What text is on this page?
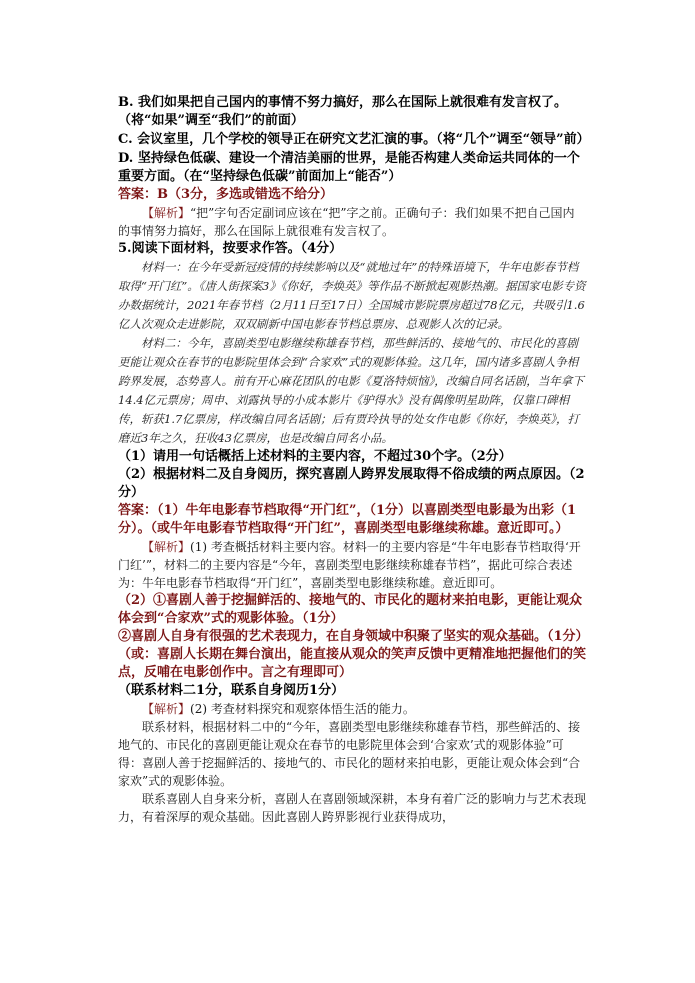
B. 我们如果把自己国内的事情不努力搞好，那么在国际上就很难有发言权了。（将“如果”调至“我们”的前面）

C. 会议室里，几个学校的领导正在研究文艺汇演的事。（将“几个”调至“领导”前）

D. 坚持绿色低碳、建设一个清洁美丽的世界，是能否构建人类命运共同体的一个重要方面。（在“坚持绿色低碳”前面加上“能否”）

答案：B（3分，多选或错选不给分）

【解析】“把”字句否定副词应该在“把”字之前。正确句子：我们如果不把自己国内的事情努力搞好，那么在国际上就很难有发言权了。

5.阅读下面材料，按要求作答。（4分）

材料一：在今年受新冠疫情的持续影响以及“就地过年”的特殊语境下，牛年电影春节档取得“开门红”。《唐人街探案3》《你好，李焕英》等作品不断掀起观影热潮。据国家电影专资办数据统计，2021年春节档（2月11日至17日）全国城市影院票房超过78亿元，共吸引1.6亿人次观众走进影院，双双刷新中国电影春节档总票房、总观影人次的记录。

材料二：今年，喜剧类型电影继续称雄春节档，那些鲜活的、接地气的、市民化的喜剧更能让观众在春节的电影院里体会到“合家欢”式的观影体验。这几年，国内诸多喜剧人争相跨界发展，态势喜人。前有开心麻花团队的电影《夏洛特烦恼》，改编自同名话剧，当年拿下14.4亿元票房；周申、刘露执导的小成本影片《驴得水》没有偶像明星助阵，仅靠口碑相传，斩获1.7亿票房，样改编自同名话剧；后有贾玲执导的处女作电影《你好，李焕英》，打磨近3年之久，狂收43亿票房，也是改编自同名小品。

（1）请用一句话概括上述材料的主要内容，不超过30个字。（2分）

（2）根据材料二及自身阅历，探究喜剧人跨界发展取得不俗成绩的两点原因。（2分）

答案：（1）牛年电影春节档取得“开门红”，（1分）以喜剧类型电影最为出彩（1分）。（或牛年电影春节档取得“开门红”，喜剧类型电影继续称雄。意近即可。）

【解析】(1) 考查概括材料主要内容。材料一的主要内容是“牛年电影春节档取得‘开门红’”，材料二的主要内容是“今年，喜剧类型电影继续称雄春节档”，据此可综合表述为：牛年电影春节档取得“开门红”，喜剧类型电影继续称雄。意近即可。

（2）①喜剧人善于挖掘鲜活的、接地气的、市民化的题材来拍电影，更能让观众体会到“合家欢”式的观影体验。（1分）

②喜剧人自身有很强的艺术表现力，在自身领域中积聚了坚实的观众基础。（1分）（或：喜剧人长期在舞台演出，能直接从观众的笑声反馈中更精准地把握他们的笑点，反哺在电影创作中。言之有理即可）

（联系材料二1分，联系自身阅历1分）

【解析】(2) 考查材料探究和观察体悟生活的能力。

联系材料，根据材料二中的“今年，喜剧类型电影继续称雄春节档，那些鲜活的、接地气的、市民化的喜剧更能让观众在春节的电影院里体会到‘合家欢’式的观影体验”可得：喜剧人善于挖掘鲜活的、接地气的、市民化的题材来拍电影，更能让观众体会到“合家欢”式的观影体验。

联系喜剧人自身来分析，喜剧人在喜剧领域深耕，本身有着广泛的影响力与艺术表现力，有着深厚的观众基础。因此喜剧人跨界影视行业获得成功，
